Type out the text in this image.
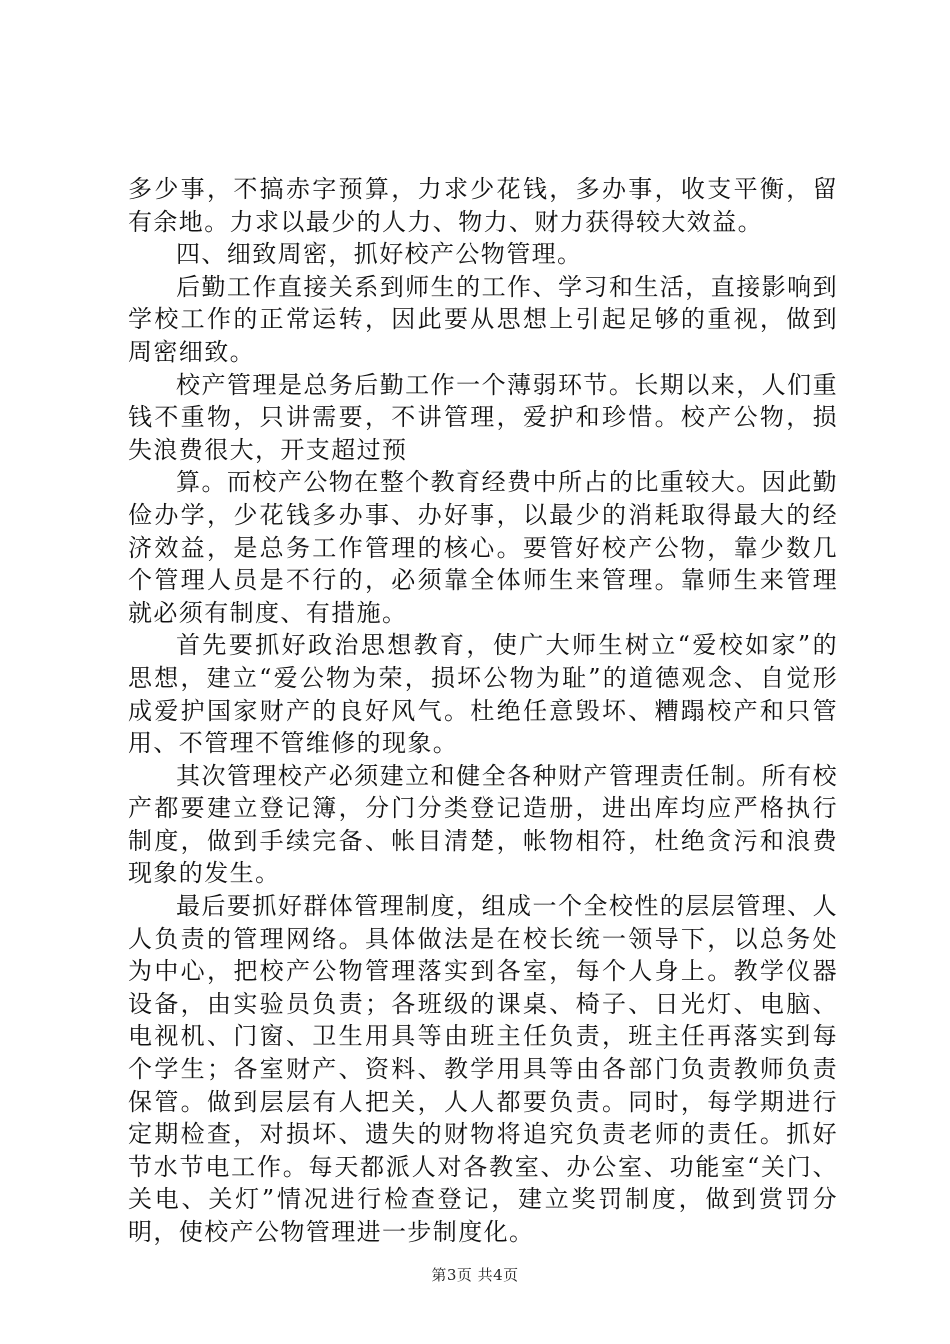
多少事，不搞赤字预算，力求少花钱，多办事，收支平衡，留有余地。力求以最少的人力、物力、财力获得较大效益。

四、细致周密，抓好校产公物管理。

后勤工作直接关系到师生的工作、学习和生活，直接影响到学校工作的正常运转，因此要从思想上引起足够的重视，做到周密细致。

校产管理是总务后勤工作一个薄弱环节。长期以来，人们重钱不重物，只讲需要，不讲管理，爱护和珍惜。校产公物，损失浪费很大，开支超过预

算。而校产公物在整个教育经费中所占的比重较大。因此勤俭办学，少花钱多办事、办好事，以最少的消耗取得最大的经济效益，是总务工作管理的核心。要管好校产公物，靠少数几个管理人员是不行的，必须靠全体师生来管理。靠师生来管理就必须有制度、有措施。

首先要抓好政治思想教育，使广大师生树立“爱校如家”的思想，建立“爱公物为荣，损坏公物为耻”的道德观念、自觉形成爱护国家财产的良好风气。杜绝任意毁坏、糟蹋校产和只管用、不管理不管维修的现象。

其次管理校产必须建立和健全各种财产管理责任制。所有校产都要建立登记簿，分门分类登记造册，进出库均应严格执行制度，做到手续完备、帐目清楚，帐物相符，杜绝贪污和浪费现象的发生。

最后要抓好群体管理制度，组成一个全校性的层层管理、人人负责的管理网络。具体做法是在校长统一领导下，以总务处为中心，把校产公物管理落实到各室，每个人身上。教学仪器设备，由实验员负责；各班级的课桌、椅子、日光灯、电脑、电视机、门窗、卫生用具等由班主任负责，班主任再落实到每个学生；各室财产、资料、教学用具等由各部门负责教师负责保管。做到层层有人把关，人人都要负责。同时，每学期进行定期检查，对损坏、遗失的财物将追究负责老师的责任。抓好节水节电工作。每天都派人对各教室、办公室、功能室“关门、关电、关灯”情况进行检查登记，建立奖罚制度，做到赏罚分明，使校产公物管理进一步制度化。

第3页 共4页
